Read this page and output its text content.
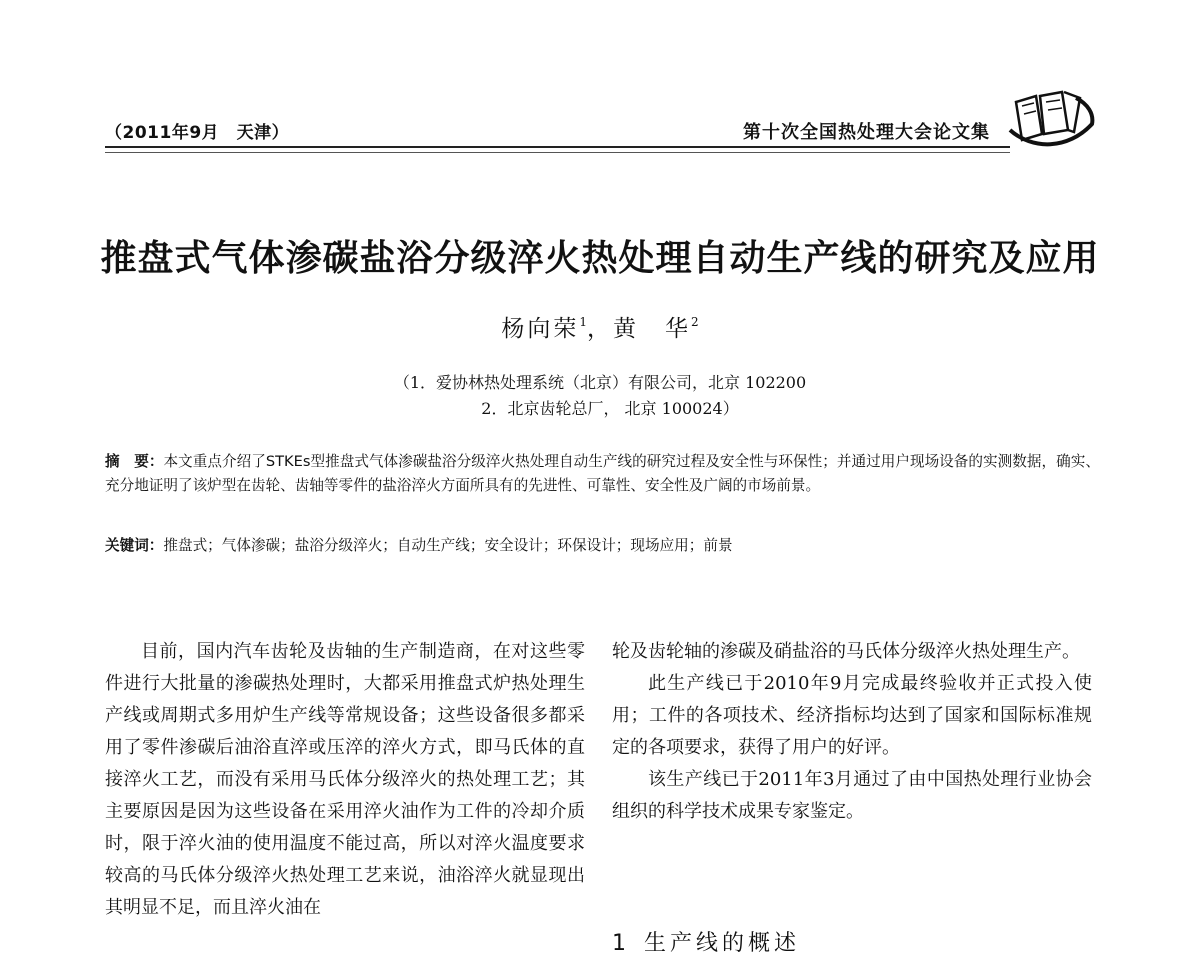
（2011年9月　天津）	第十次全国热处理大会论文集
推盘式气体渗碳盐浴分级淬火热处理自动生产线的研究及应用
杨向荣$^1$，黄　华$^2$
（1．爱协林热处理系统（北京）有限公司，北京 102200
2．北京齿轮总厂， 北京 100024）
摘　要：本文重点介绍了STKEs型推盘式气体渗碳盐浴分级淬火热处理自动生产线的研究过程及安全性与环保性；并通过用户现场设备的实测数据，确实、充分地证明了该炉型在齿轮、齿轴等零件的盐浴淬火方面所具有的先进性、可靠性、安全性及广阔的市场前景。
关键词：推盘式；气体渗碳；盐浴分级淬火；自动生产线；安全设计；环保设计；现场应用；前景

目前，国内汽车齿轮及齿轴的生产制造商，在对这些零件进行大批量的渗碳热处理时，大都采用推盘式炉热处理生产线或周期式多用炉生产线等常规设备；这些设备很多都采用了零件渗碳后油浴直淬或压淬的淬火方式，即马氏体的直接淬火工艺，而没有采用马氏体分级淬火的热处理工艺；其主要原因是因为这些设备在采用淬火油作为工件的冷却介质时，限于淬火油的使用温度不能过高，所以对淬火温度要求较高的马氏体分级淬火热处理工艺来说，油浴淬火就显现出其明显不足，而且淬火油在

轮及齿轮轴的渗碳及硝盐浴的马氏体分级淬火热处理生产。

此生产线已于2010年9月完成最终验收并正式投入使用；工件的各项技术、经济指标均达到了国家和国际标准规定的各项要求，获得了用户的好评。

该生产线已于2011年3月通过了由中国热处理行业协会组织的科学技术成果专家鉴定。

1 生产线的概述
